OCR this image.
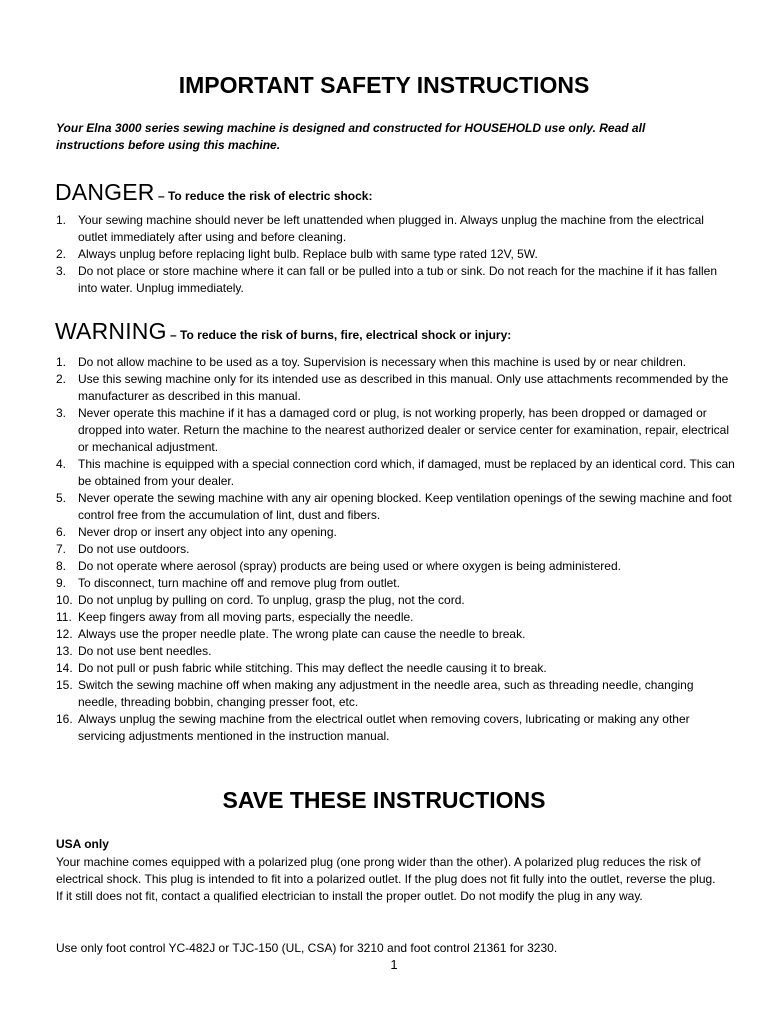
IMPORTANT SAFETY INSTRUCTIONS

Your Elna 3000 series sewing machine is designed and constructed for HOUSEHOLD use only. Read all instructions before using this machine.

DANGER – To reduce the risk of electric shock:
1. Your sewing machine should never be left unattended when plugged in. Always unplug the machine from the electrical outlet immediately after using and before cleaning.
2. Always unplug before replacing light bulb. Replace bulb with same type rated 12V, 5W.
3. Do not place or store machine where it can fall or be pulled into a tub or sink. Do not reach for the machine if it has fallen into water. Unplug immediately.
WARNING – To reduce the risk of burns, fire, electrical shock or injury:
1. Do not allow machine to be used as a toy. Supervision is necessary when this machine is used by or near children.
2. Use this sewing machine only for its intended use as described in this manual. Only use attachments recommended by the manufacturer as described in this manual.
3. Never operate this machine if it has a damaged cord or plug, is not working properly, has been dropped or damaged or dropped into water. Return the machine to the nearest authorized dealer or service center for examination, repair, electrical or mechanical adjustment.
4. This machine is equipped with a special connection cord which, if damaged, must be replaced by an identical cord. This can be obtained from your dealer.
5. Never operate the sewing machine with any air opening blocked. Keep ventilation openings of the sewing machine and foot control free from the accumulation of lint, dust and fibers.
6. Never drop or insert any object into any opening.
7. Do not use outdoors.
8. Do not operate where aerosol (spray) products are being used or where oxygen is being administered.
9. To disconnect, turn machine off and remove plug from outlet.
10. Do not unplug by pulling on cord. To unplug, grasp the plug, not the cord.
11. Keep fingers away from all moving parts, especially the needle.
12. Always use the proper needle plate. The wrong plate can cause the needle to break.
13. Do not use bent needles.
14. Do not pull or push fabric while stitching. This may deflect the needle causing it to break.
15. Switch the sewing machine off when making any adjustment in the needle area, such as threading needle, changing needle, threading bobbin, changing presser foot, etc.
16. Always unplug the sewing machine from the electrical outlet when removing covers, lubricating or making any other servicing adjustments mentioned in the instruction manual.
SAVE THESE INSTRUCTIONS

USA only

Your machine comes equipped with a polarized plug (one prong wider than the other). A polarized plug reduces the risk of electrical shock. This plug is intended to fit into a polarized outlet. If the plug does not fit fully into the outlet, reverse the plug. If it still does not fit, contact a qualified electrician to install the proper outlet. Do not modify the plug in any way.

Use only foot control YC-482J or TJC-150 (UL, CSA) for 3210 and foot control 21361 for 3230.

1
